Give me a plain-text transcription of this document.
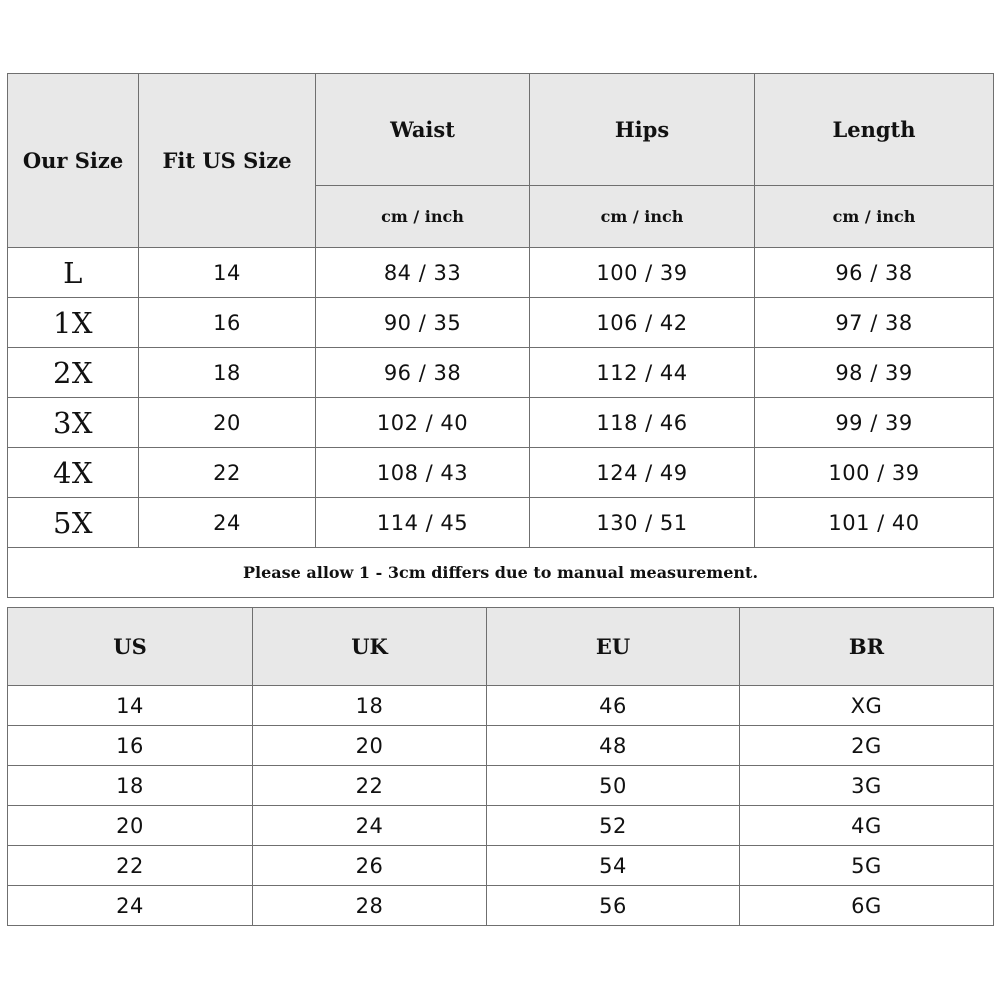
Our Size	Fit US Size	Waist	Hips	Length
		cm / inch	cm / inch	cm / inch
L	14	84 / 33	100 / 39	96 / 38
1X	16	90 / 35	106 / 42	97 / 38
2X	18	96 / 38	112 / 44	98 / 39
3X	20	102 / 40	118 / 46	99 / 39
4X	22	108 / 43	124 / 49	100 / 39
5X	24	114 / 45	130 / 51	101 / 40
Please allow 1 - 3cm differs due to manual measurement.				
US	UK	EU	BR
14	18	46	XG
16	20	48	2G
18	22	50	3G
20	24	52	4G
22	26	54	5G
24	28	56	6G
